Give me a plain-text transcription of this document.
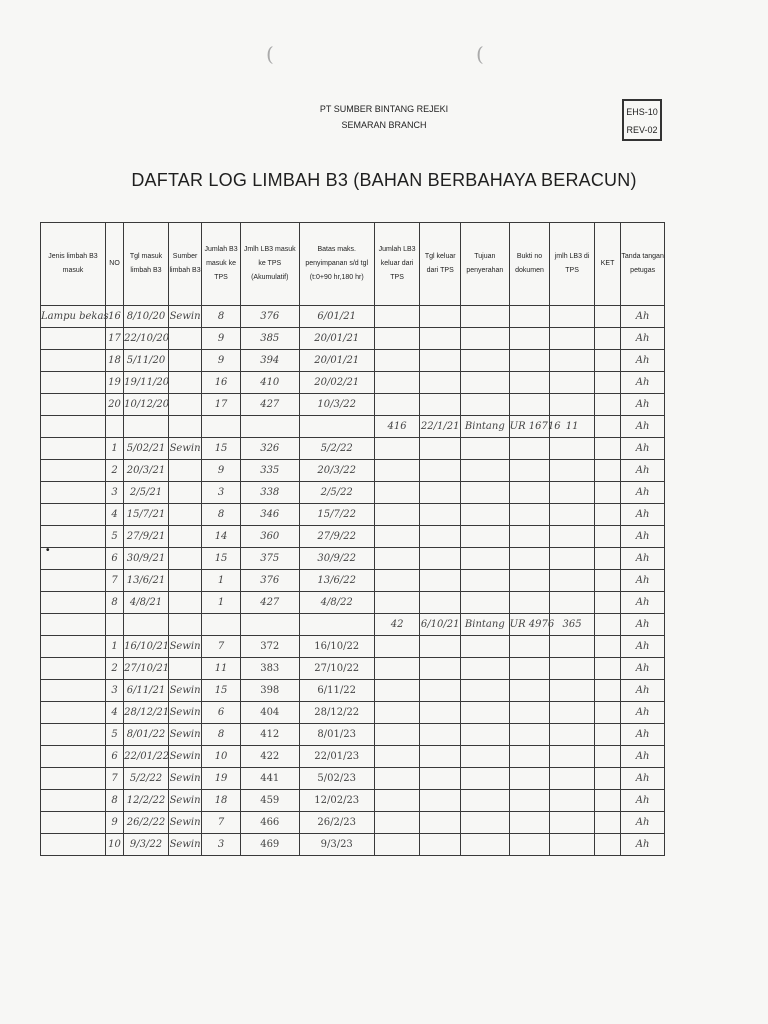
(	(
PT SUMBER BINTANG REJEKI
SEMARAN BRANCH
EHS-10
REV-02
DAFTAR LOG LIMBAH B3 (BAHAN BERBAHAYA BERACUN)
•
Jenis limbah B3 masuk	NO	Tgl masuk limbah B3	Sumber limbah B3	Jumlah B3 masuk ke TPS	Jmlh LB3 masuk ke TPS (Akumulatif)	Batas maks. penyimpanan s/d tgl (t:0+90 hr,180 hr)	Jumlah LB3 keluar dari TPS	Tgl keluar dari TPS	Tujuan penyerahan	Bukti no dokumen	jmlh LB3 di TPS	KET	Tanda tangan petugas
Lampu bekas	16	8/10/20	Sewin	8	376	6/01/21							Ah
	17	22/10/20		9	385	20/01/21							Ah
	18	5/11/20		9	394	20/01/21							Ah
	19	19/11/20		16	410	20/02/21							Ah
	20	10/12/20		17	427	10/3/22							Ah
							416	22/1/21	Bintang	UR 16716	11		Ah
	1	5/02/21	Sewin	15	326	5/2/22							Ah
	2	20/3/21		9	335	20/3/22							Ah
	3	2/5/21		3	338	2/5/22							Ah
	4	15/7/21		8	346	15/7/22							Ah
	5	27/9/21		14	360	27/9/22							Ah
	6	30/9/21		15	375	30/9/22							Ah
	7	13/6/21		1	376	13/6/22							Ah
	8	4/8/21		1	427	4/8/22							Ah
							42	6/10/21	Bintang	UR 4976	365		Ah
	1	16/10/21	Sewin	7	372	16/10/22							Ah
	2	27/10/21		11	383	27/10/22							Ah
	3	6/11/21	Sewin	15	398	6/11/22							Ah
	4	28/12/21	Sewin	6	404	28/12/22							Ah
	5	8/01/22	Sewin	8	412	8/01/23							Ah
	6	22/01/22	Sewin	10	422	22/01/23							Ah
	7	5/2/22	Sewin	19	441	5/02/23							Ah
	8	12/2/22	Sewin	18	459	12/02/23							Ah
	9	26/2/22	Sewin	7	466	26/2/23							Ah
	10	9/3/22	Sewin	3	469	9/3/23							Ah
